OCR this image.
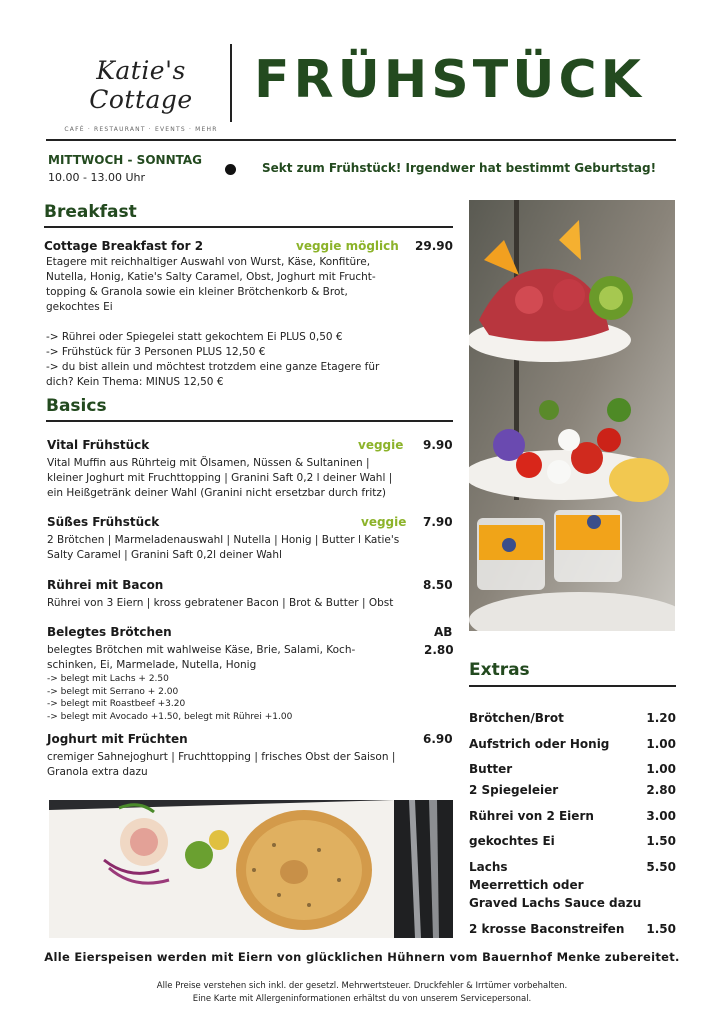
Katie's Cottage
CAFÉ · RESTAURANT · EVENTS · MEHR
FRÜHSTÜCK
MITTWOCH - SONNTAG
10.00 - 13.00 Uhr
Sekt zum Frühstück! Irgendwer hat bestimmt Geburtstag!
Breakfast
Cottage Breakfast for 2	veggie möglich 29.90
Etagere mit reichhaltiger Auswahl von Wurst, Käse, Konfitüre,
Nutella, Honig, Katie's Salty Caramel, Obst, Joghurt mit Frucht-
topping & Granola sowie ein kleiner Brötchenkorb & Brot,
gekochtes Ei
-> Rührei oder Spiegelei statt gekochtem Ei PLUS 0,50 €
-> Frühstück für 3 Personen PLUS 12,50 €
-> du bist allein und möchtest trotzdem eine ganze Etagere für
dich? Kein Thema: MINUS 12,50 €
Basics
Vital Frühstück	veggie 9.90
Vital Muffin aus Rührteig mit Ölsamen, Nüssen & Sultaninen |
kleiner Joghurt mit Fruchttopping | Granini Saft 0,2 l deiner Wahl |
ein Heißgetränk deiner Wahl (Granini nicht ersetzbar durch fritz)
Süßes Frühstück	veggie 7.90
2 Brötchen | Marmeladenauswahl | Nutella | Honig | Butter l Katie's
Salty Caramel | Granini Saft 0,2l deiner Wahl
Rührei mit Bacon	8.50
Rührei von 3 Eiern | kross gebratener Bacon | Brot & Butter | Obst
Belegtes Brötchen	AB
2.80
belegtes Brötchen mit wahlweise Käse, Brie, Salami, Koch-
schinken, Ei, Marmelade, Nutella, Honig
-> belegt mit Lachs + 2.50
-> belegt mit Serrano + 2.00
-> belegt mit Roastbeef +3.20
-> belegt mit Avocado +1.50, belegt mit Rührei +1.00
Joghurt mit Früchten	6.90
cremiger Sahnejoghurt | Fruchttopping | frisches Obst der Saison |
Granola extra dazu
Extras
Brötchen/Brot	1.20
Aufstrich oder Honig	1.00
Butter	1.00
2 Spiegeleier	2.80
Rührei von 2 Eiern	3.00
gekochtes Ei	1.50
Lachs	5.50
Meerrettich oder
Graved Lachs Sauce dazu
2 krosse Baconstreifen 1.50
Alle Eierspeisen werden mit Eiern von glücklichen Hühnern vom Bauernhof Menke zubereitet.
Alle Preise verstehen sich inkl. der gesetzl. Mehrwertsteuer. Druckfehler & Irrtümer vorbehalten.
Eine Karte mit Allergeninformationen erhältst du von unserem Servicepersonal.
